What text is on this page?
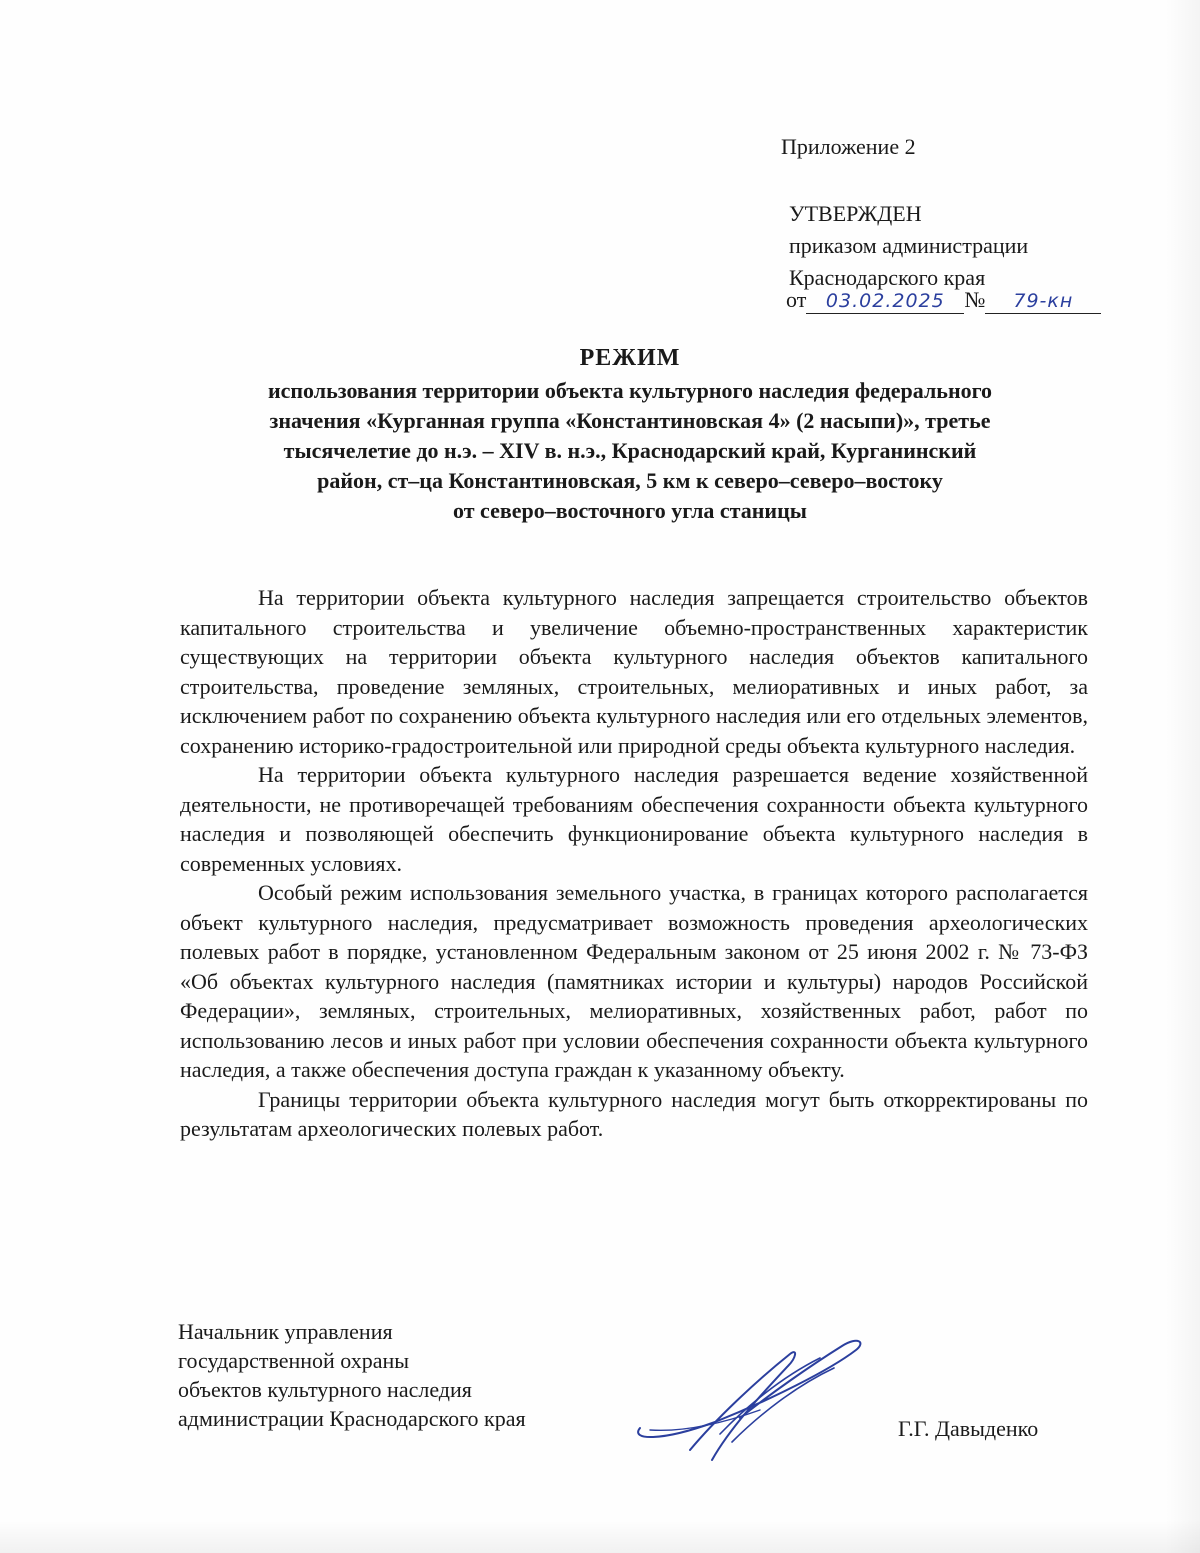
Приложение 2
УТВЕРЖДЕН
приказом администрации
Краснодарского края
от 03.02.2025 № 79-кн
РЕЖИМ
использования территории объекта культурного наследия федерального
значения «Курганная группа «Константиновская 4» (2 насыпи)», третье
тысячелетие до н.э. – XIV в. н.э., Краснодарский край, Курганинский
район, ст–ца Константиновская, 5 км к северо–северо–востоку
от северо–восточного угла станицы

На территории объекта культурного наследия запрещается строительство объектов капитального строительства и увеличение объемно-пространственных характеристик существующих на территории объекта культурного наследия объектов капитального строительства, проведение земляных, строительных, мелиоративных и иных работ, за исключением работ по сохранению объекта культурного наследия или его отдельных элементов, сохранению историко-градостроительной или природной среды объекта культурного наследия.

На территории объекта культурного наследия разрешается ведение хозяйственной деятельности, не противоречащей требованиям обеспечения сохранности объекта культурного наследия и позволяющей обеспечить функционирование объекта культурного наследия в современных условиях.

Особый режим использования земельного участка, в границах которого располагается объект культурного наследия, предусматривает возможность проведения археологических полевых работ в порядке, установленном Федеральным законом от 25 июня 2002 г. № 73-ФЗ «Об объектах культурного наследия (памятниках истории и культуры) народов Российской Федерации», земляных, строительных, мелиоративных, хозяйственных работ, работ по использованию лесов и иных работ при условии обеспечения сохранности объекта культурного наследия, а также обеспечения доступа граждан к указанному объекту.

Границы территории объекта культурного наследия могут быть откорректированы по результатам археологических полевых работ.

Начальник управления
государственной охраны
объектов культурного наследия
администрации Краснодарского края	Г.Г. Давыденко
